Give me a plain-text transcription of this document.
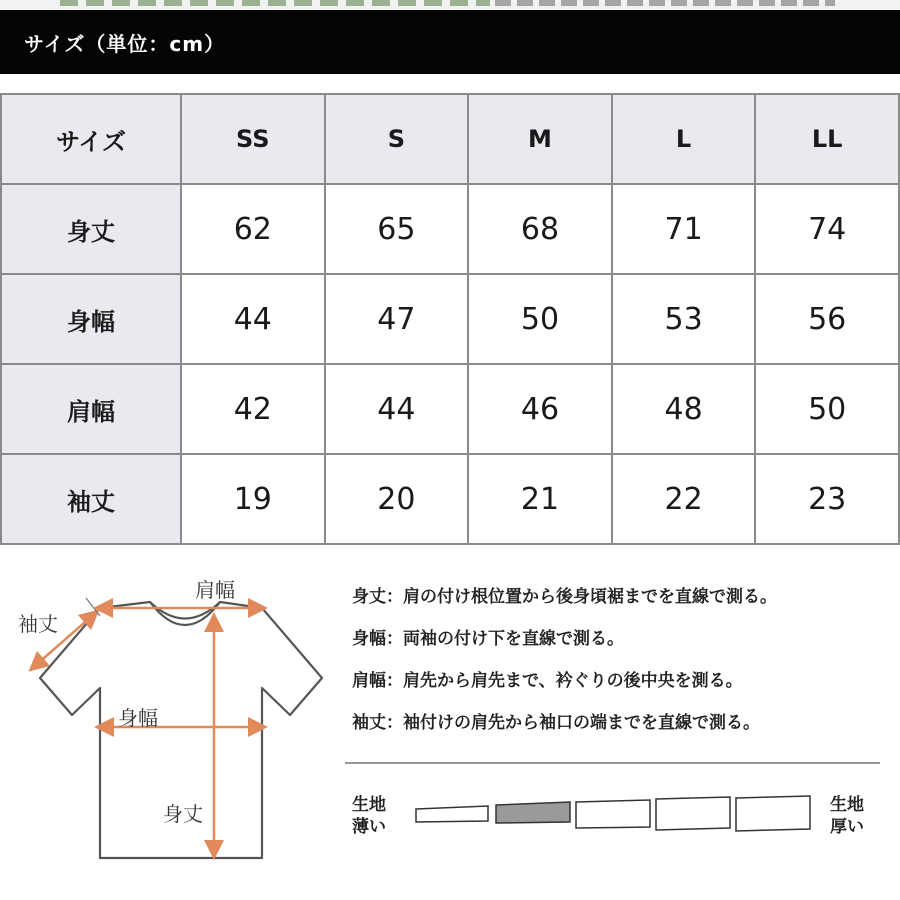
サイズ（単位：cm）
サイズ	SS	S	M	L	LL
身丈	62	65	68	71	74
身幅	44	47	50	53	56
肩幅	42	44	46	48	50
袖丈	19	20	21	22	23
肩幅
袖丈
身幅
身丈
身丈：肩の付け根位置から後身頃裾までを直線で測る。
身幅：両袖の付け下を直線で測る。
肩幅：肩先から肩先まで、衿ぐりの後中央を測る。
袖丈：袖付けの肩先から袖口の端までを直線で測る。
生地
薄い
生地
厚い
